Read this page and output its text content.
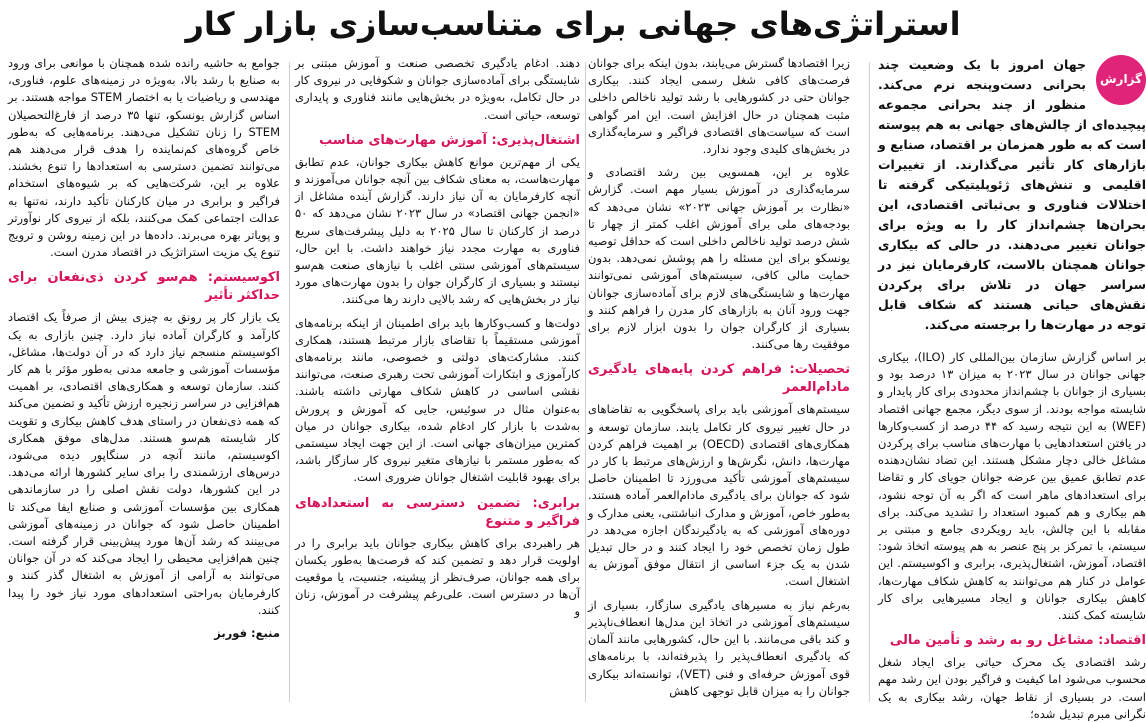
استراتژی‌های جهانی برای متناسب‌سازی بازار کار
گزارش

جهان امروز با یک وضعیت چند بحرانی دست‌وپنجه نرم می‌کند. منظور از چند بحرانی مجموعه پیچیده‌ای از چالش‌های جهانی به هم پیوسته است که به طور همزمان بر اقتصاد، صنایع و بازارهای کار تأثیر می‌گذارند. از تغییرات اقلیمی و تنش‌های ژئوپلیتیکی گرفته تا اختلالات فناوری و بی‌ثباتی اقتصادی، این بحران‌ها چشم‌انداز کار را به ویژه برای جوانان تغییر می‌دهند. در حالی که بیکاری جوانان همچنان بالاست، کارفرمایان نیز در سراسر جهان در تلاش برای پرکردن نقش‌های حیاتی هستند که شکاف قابل توجه در مهارت‌ها را برجسته می‌کند.

بر اساس گزارش سازمان بین‌المللی کار (ILO)، بیکاری جهانی جوانان در سال ۲۰۲۳ به میزان ۱۳ درصد بود و بسیاری از جوانان با چشم‌انداز محدودی برای کار پایدار و شایسته مواجه بودند. از سوی دیگر، مجمع جهانی اقتصاد (WEF) به این نتیجه رسید که ۴۴ درصد از کسب‌وکارها در یافتن استعدادهایی با مهارت‌های مناسب برای پرکردن مشاغل خالی دچار مشکل هستند. این تضاد نشان‌دهنده عدم تطابق عمیق بین عرضه جوانان جویای کار و تقاضا برای استعدادهای ماهر است که اگر به آن توجه نشود، هم بیکاری و هم کمبود استعداد را تشدید می‌کند. برای مقابله با این چالش، باید رویکردی جامع و مبتنی بر سیستم، با تمرکز بر پنج عنصر به هم پیوسته اتخاذ شود: اقتصاد، آموزش، اشتغال‌پذیری، برابری و اکوسیستم. این عوامل در کنار هم می‌توانند به کاهش شکاف مهارت‌ها، کاهش بیکاری جوانان و ایجاد مسیرهایی برای کار شایسته کمک کنند.

اقتصاد: مشاغل رو به رشد و تأمین مالی

رشد اقتصادی یک محرک حیاتی برای ایجاد شغل محسوب می‌شود اما کیفیت و فراگیر بودن این رشد مهم است. در بسیاری از نقاط جهان، رشد بیکاری به یک نگرانی مبرم تبدیل شده؛

زیرا اقتصادها گسترش می‌یابند، بدون اینکه برای جوانان فرصت‌های کافی شغل رسمی ایجاد کنند. بیکاری جوانان حتی در کشورهایی با رشد تولید ناخالص داخلی مثبت همچنان در حال افزایش است. این امر گواهی است که سیاست‌های اقتصادی فراگیر و سرمایه‌گذاری در بخش‌های کلیدی وجود ندارد.

علاوه بر این، همسویی بین رشد اقتصادی و سرمایه‌گذاری در آموزش بسیار مهم است. گزارش «نظارت بر آموزش جهانی ۲۰۲۳» نشان می‌دهد که بودجه‌های ملی برای آموزش اغلب کمتر از چهار تا شش درصد تولید ناخالص داخلی است که حداقل توصیه یونسکو برای این مسئله را هم پوشش نمی‌دهد. بدون حمایت مالی کافی، سیستم‌های آموزشی نمی‌توانند مهارت‌ها و شایستگی‌های لازم برای آماده‌سازی جوانان جهت ورود آنان به بازارهای کار مدرن را فراهم کنند و بسیاری از کارگران جوان را بدون ابزار لازم برای موفقیت رها می‌کنند.

تحصیلات: فراهم کردن پایه‌های یادگیری مادام‌العمر

سیستم‌های آموزشی باید برای پاسخگویی به تقاضاهای در حال تغییر نیروی کار تکامل یابند. سازمان توسعه و همکاری‌های اقتصادی (OECD) بر اهمیت فراهم کردن مهارت‌ها، دانش، نگرش‌ها و ارزش‌های مرتبط با کار در سیستم‌های آموزشی تأکید می‌ورزد تا اطمینان حاصل شود که جوانان برای یادگیری مادام‌العمر آماده هستند. به‌طور خاص، آموزش و مدارک انباشتنی، یعنی مدارک و دوره‌های آموزشی که به یادگیرندگان اجازه می‌دهد در طول زمان تخصص خود را ایجاد کنند و در حال تبدیل شدن به یک جزء اساسی از انتقال موفق آموزش به اشتغال است.

به‌رغم نیاز به مسیرهای یادگیری سازگار، بسیاری از سیستم‌های آموزشی در اتخاذ این مدل‌ها انعطاف‌ناپذیر و کند باقی می‌مانند. با این حال، کشورهایی مانند آلمان که یادگیری انعطاف‌پذیر را پذیرفته‌اند، با برنامه‌های قوی آموزش حرفه‌ای و فنی (VET)، توانسته‌اند بیکاری جوانان را به میزان قابل توجهی کاهش

دهند. ادغام یادگیری تخصصی صنعت و آموزش مبتنی بر شایستگی برای آماده‌سازی جوانان و شکوفایی در نیروی کار در حال تکامل، به‌ویژه در بخش‌هایی مانند فناوری و پایداری توسعه، حیاتی است.

اشتغال‌پذیری: آموزش مهارت‌های مناسب

یکی از مهم‌ترین موانع کاهش بیکاری جوانان، عدم تطابق مهارت‌هاست، به معنای شکاف بین آنچه جوانان می‌آموزند و آنچه کارفرمایان به آن نیاز دارند. گزارش آینده مشاغل از «انجمن جهانی اقتصاد» در سال ۲۰۲۳ نشان می‌دهد که ۵۰ درصد از کارکنان تا سال ۲۰۲۵ به دلیل پیشرفت‌های سریع فناوری به مهارت مجدد نیاز خواهند داشت. با این حال، سیستم‌های آموزشی سنتی اغلب با نیازهای صنعت هم‌سو نیستند و بسیاری از کارگران جوان را بدون مهارت‌های مورد نیاز در بخش‌هایی که رشد بالایی دارند رها می‌کنند.

دولت‌ها و کسب‌وکارها باید برای اطمینان از اینکه برنامه‌های آموزشی مستقیماً با تقاضای بازار مرتبط هستند، همکاری کنند. مشارکت‌های دولتی و خصوصی، مانند برنامه‌های کارآموزی و ابتکارات آموزشی تحت رهبری صنعت، می‌توانند نقشی اساسی در کاهش شکاف مهارتی داشته باشند. به‌عنوان مثال در سوئیس، جایی که آموزش و پرورش به‌شدت با بازار کار ادغام شده، بیکاری جوانان در میان کمترین میزان‌های جهانی است. از این جهت ایجاد سیستمی که به‌طور مستمر با نیازهای متغیر نیروی کار سازگار باشد، برای بهبود قابلیت اشتغال جوانان ضروری است.

برابری: تضمین دسترسی به استعدادهای فراگیر و متنوع

هر راهبردی برای کاهش بیکاری جوانان باید برابری را در اولویت قرار دهد و تضمین کند که فرصت‌ها به‌طور یکسان برای همه جوانان، صرف‌نظر از پیشینه، جنسیت، یا موقعیت آن‌ها در دسترس است. علی‌رغم پیشرفت در آموزش، زنان و

جوامع به حاشیه رانده شده همچنان با موانعی برای ورود به صنایع با رشد بالا، به‌ویژه در زمینه‌های علوم، فناوری، مهندسی و ریاضیات یا به اختصار STEM مواجه هستند. بر اساس گزارش یونسکو، تنها ۳۵ درصد از فارغ‌التحصیلان STEM را زنان تشکیل می‌دهند. برنامه‌هایی که به‌طور خاص گروه‌های کم‌نماینده را هدف قرار می‌دهند هم می‌توانند تضمین دسترسی به استعدادها را تنوع بخشند. علاوه بر این، شرکت‌هایی که بر شیوه‌های استخدام فراگیر و برابری در میان کارکنان تأکید دارند، نه‌تنها به عدالت اجتماعی کمک می‌کنند، بلکه از نیروی کار نوآورتر و پویاتر بهره می‌برند. داده‌ها در این زمینه روشن و ترویج تنوع یک مزیت استراتژیک در اقتصاد مدرن است.

اکوسیستم: هم‌سو کردن ذی‌نفعان برای حداکثر تأثیر

یک بازار کار پر رونق به چیزی بیش از صرفاً یک اقتصاد کارآمد و کارگران آماده نیاز دارد. چنین بازاری به یک اکوسیستم منسجم نیاز دارد که در آن دولت‌ها، مشاغل، مؤسسات آموزشی و جامعه مدنی به‌طور مؤثر با هم کار کنند. سازمان توسعه و همکاری‌های اقتصادی، بر اهمیت هم‌افزایی در سراسر زنجیره ارزش تأکید و تضمین می‌کند که همه ذی‌نفعان در راستای هدف کاهش بیکاری و تقویت کار شایسته هم‌سو هستند. مدل‌های موفق همکاری اکوسیستم، مانند آنچه در سنگاپور دیده می‌شود، درس‌های ارزشمندی را برای سایر کشورها ارائه می‌دهد. در این کشورها، دولت نقش اصلی را در سازماندهی همکاری بین مؤسسات آموزشی و صنایع ایفا می‌کند تا اطمینان حاصل شود که جوانان در زمینه‌های آموزشی می‌بینند که رشد آن‌ها مورد پیش‌بینی قرار گرفته است. چنین هم‌افزایی محیطی را ایجاد می‌کند که در آن جوانان می‌توانند به آرامی از آموزش به اشتغال گذر کنند و کارفرمایان به‌راحتی استعدادهای مورد نیاز خود را پیدا کنند.

منبع: فوربز
